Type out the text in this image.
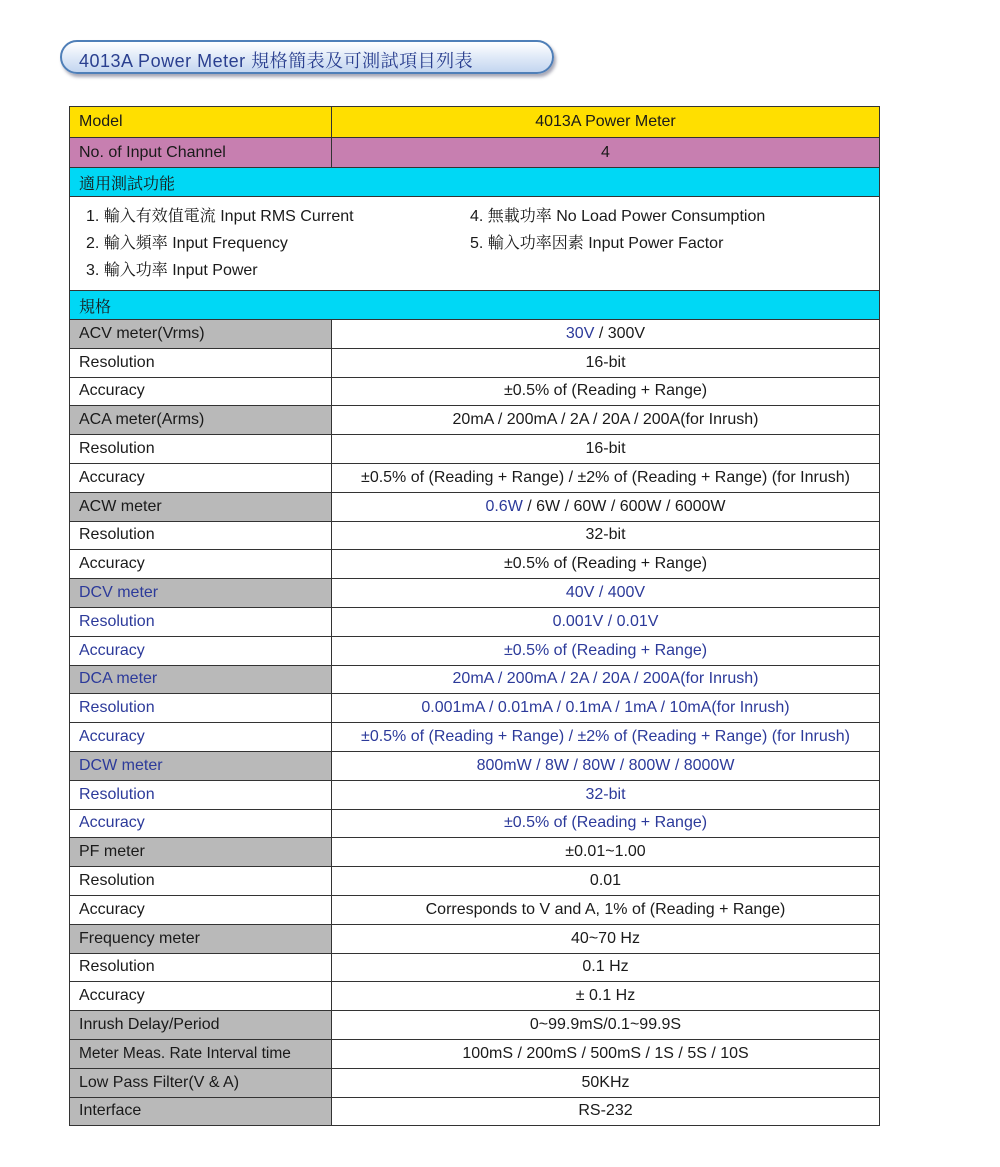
4013A Power Meter 規格簡表及可測試項目列表
Model	4013A Power Meter
No. of Input Channel	4
適用測試功能	

1. 輸入有效值電流 Input RMS Current 4. 無載功率 No Load Power Consumption
2. 輸入頻率 Input Frequency 5. 輸入功率因素 Input Power Factor
3. 輸入功率 Input Power	

規格	
ACV meter(Vrms)	30V / 300V
Resolution	16-bit
Accuracy	±0.5% of (Reading + Range)
ACA meter(Arms)	20mA / 200mA / 2A / 20A / 200A(for Inrush)
Resolution	16-bit
Accuracy	±0.5% of (Reading + Range) / ±2% of (Reading + Range) (for Inrush)
ACW meter	0.6W / 6W / 60W / 600W / 6000W
Resolution	32-bit
Accuracy	±0.5% of (Reading + Range)
DCV meter	40V / 400V
Resolution	0.001V / 0.01V
Accuracy	±0.5% of (Reading + Range)
DCA meter	20mA / 200mA / 2A / 20A / 200A(for Inrush)
Resolution	0.001mA / 0.01mA / 0.1mA / 1mA / 10mA(for Inrush)
Accuracy	±0.5% of (Reading + Range) / ±2% of (Reading + Range) (for Inrush)
DCW meter	800mW / 8W / 80W / 800W / 8000W
Resolution	32-bit
Accuracy	±0.5% of (Reading + Range)
PF meter	±0.01~1.00
Resolution	0.01
Accuracy	Corresponds to V and A, 1% of (Reading + Range)
Frequency meter	40~70 Hz
Resolution	0.1 Hz
Accuracy	± 0.1 Hz
Inrush Delay/Period	0~99.9mS/0.1~99.9S
Meter Meas. Rate Interval time	100mS / 200mS / 500mS / 1S / 5S / 10S
Low Pass Filter(V & A)	50KHz
Interface	RS-232
